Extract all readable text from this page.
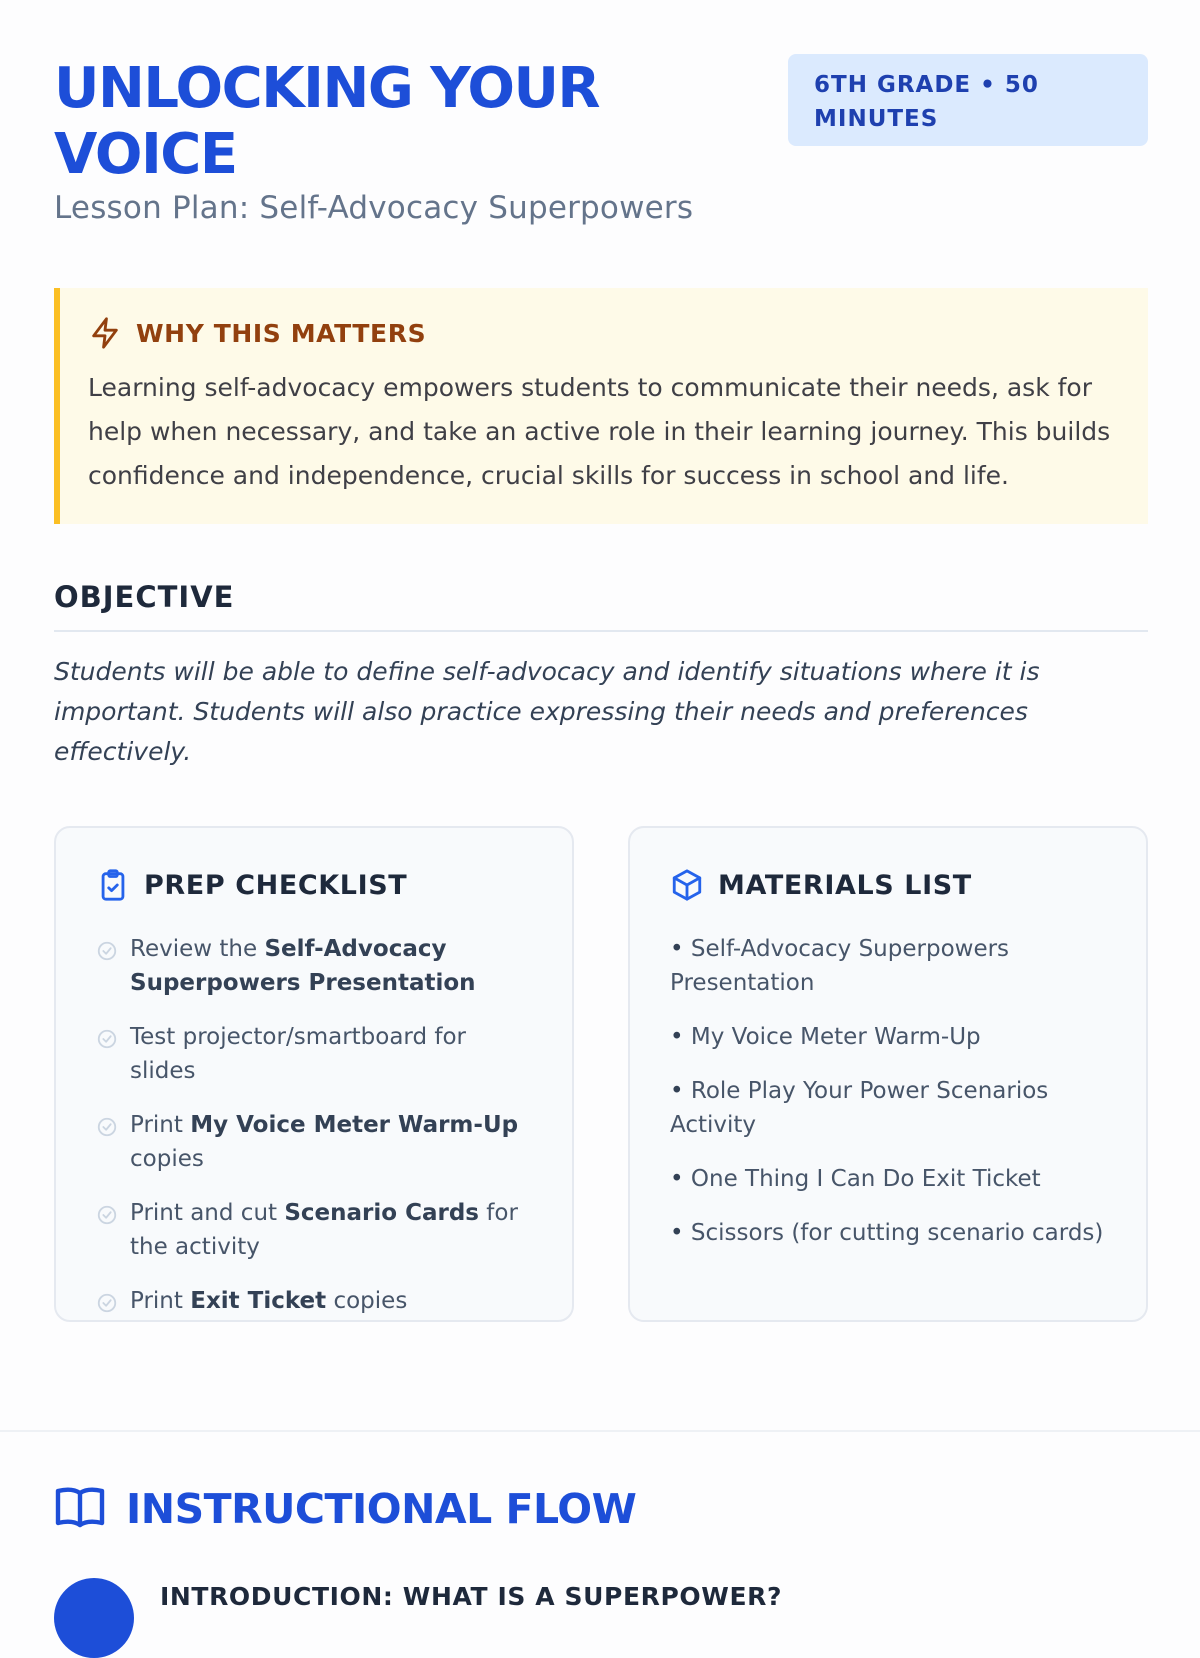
UNLOCKING YOUR VOICE
Lesson Plan: Self-Advocacy Superpowers
6TH GRADE • 50 MINUTES
WHY THIS MATTERS
Learning self-advocacy empowers students to communicate their needs, ask for help when necessary, and take an active role in their learning journey. This builds confidence and independence, crucial skills for success in school and life.
OBJECTIVE
Students will be able to define self-advocacy and identify situations where it is important. Students will also practice expressing their needs and preferences effectively.
PREP CHECKLIST
Review the Self-Advocacy Superpowers Presentation
Test projector/smartboard for slides
Print My Voice Meter Warm-Up copies
Print and cut Scenario Cards for the activity
Print Exit Ticket copies
MATERIALS LIST
• Self-Advocacy Superpowers Presentation
• My Voice Meter Warm-Up
• Role Play Your Power Scenarios Activity
• One Thing I Can Do Exit Ticket
• Scissors (for cutting scenario cards)
INSTRUCTIONAL FLOW
INTRODUCTION: WHAT IS A SUPERPOWER?
